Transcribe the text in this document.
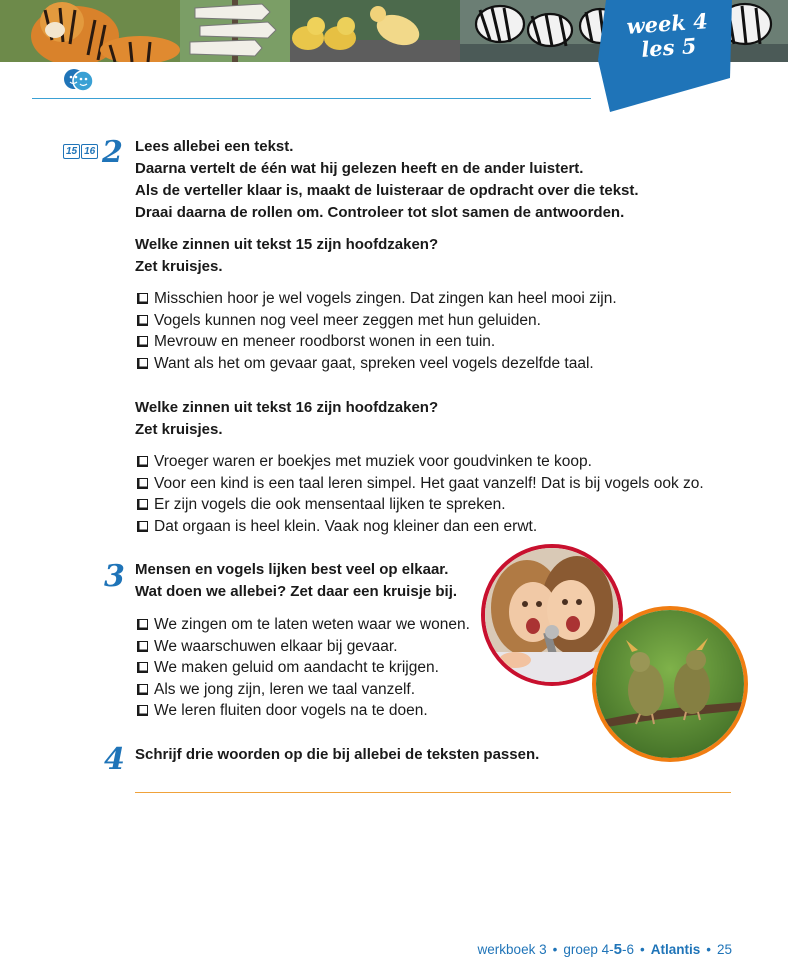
week 4
les 5
15 16 2 Lees allebei een tekst.
Daarna vertelt de één wat hij gelezen heeft en de ander luistert.
Als de verteller klaar is, maakt de luisteraar de opdracht over die tekst.
Draai daarna de rollen om. Controleer tot slot samen de antwoorden.
Welke zinnen uit tekst 15 zijn hoofdzaken?
Zet kruisjes.
Misschien hoor je wel vogels zingen. Dat zingen kan heel mooi zijn.
Vogels kunnen nog veel meer zeggen met hun geluiden.
Mevrouw en meneer roodborst wonen in een tuin.
Want als het om gevaar gaat, spreken veel vogels dezelfde taal.
Welke zinnen uit tekst 16 zijn hoofdzaken?
Zet kruisjes.
Vroeger waren er boekjes met muziek voor goudvinken te koop.
Voor een kind is een taal leren simpel. Het gaat vanzelf! Dat is bij vogels ook zo.
Er zijn vogels die ook mensentaal lijken te spreken.
Dat orgaan is heel klein. Vaak nog kleiner dan een erwt.
3 Mensen en vogels lijken best veel op elkaar.
Wat doen we allebei? Zet daar een kruisje bij.
We zingen om te laten weten waar we wonen.
We waarschuwen elkaar bij gevaar.
We maken geluid om aandacht te krijgen.
Als we jong zijn, leren we taal vanzelf.
We leren fluiten door vogels na te doen.
4 Schrijf drie woorden op die bij allebei de teksten passen.
werkboek 3 • groep 4-5-6 • Atlantis • 25
